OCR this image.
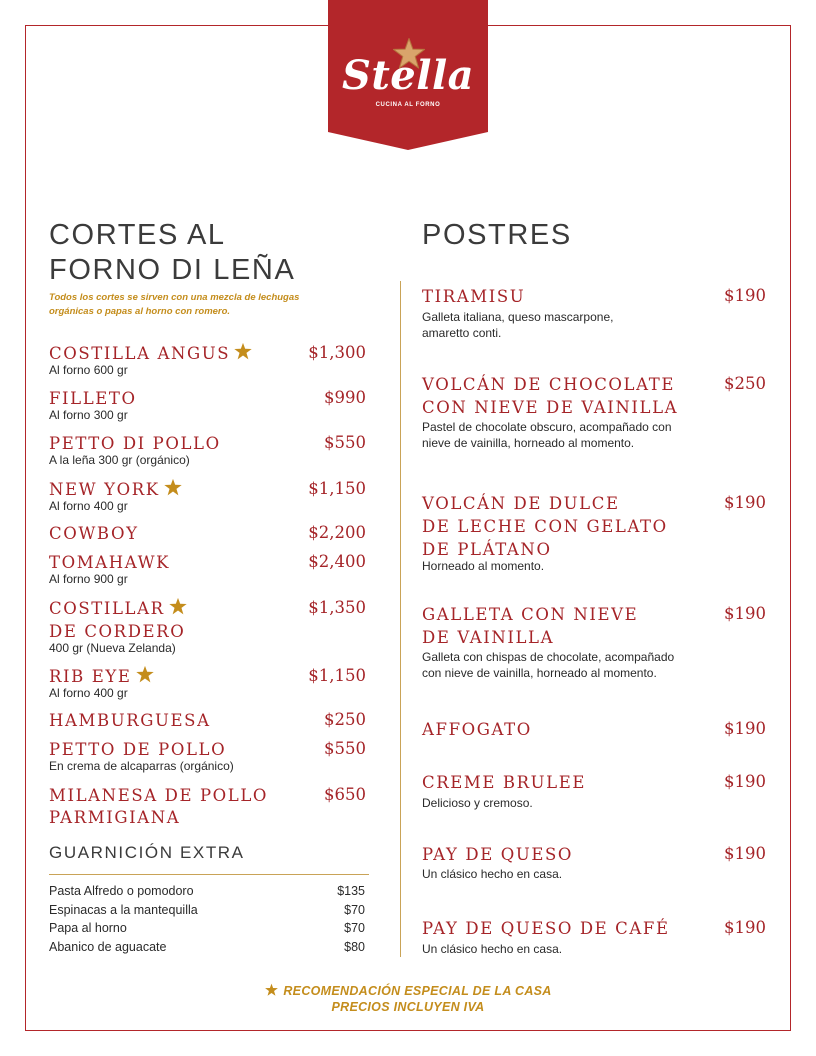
Stella
CUCINA AL FORNO
CORTES AL
FORNO DI LEÑA
Todos los cortes se sirven con una mezcla de lechugas orgánicas o papas al horno con romero.
COSTILLA ANGUS	$1,300
Al forno 600 gr
FILLETO	$990
Al forno 300 gr
PETTO DI POLLO	$550
A la leña 300 gr (orgánico)
NEW YORK	$1,150
Al forno 400 gr
COWBOY	$2,200
TOMAHAWK	$2,400
Al forno 900 gr
COSTILLAR
DE CORDERO
$1,350
400 gr (Nueva Zelanda)
RIB EYE	$1,150
Al forno 400 gr
HAMBURGUESA	$250
PETTO DE POLLO	$550
En crema de alcaparras (orgánico)
MILANESA DE POLLO
PARMIGIANA
$650
GUARNICIÓN EXTRA
Pasta Alfredo o pomodoro	$135
Espinacas a la mantequilla	$70
Papa al horno	$70
Abanico de aguacate	$80
POSTRES
TIRAMISU	$190
Galleta italiana, queso mascarpone,
amaretto conti.
VOLCÁN DE CHOCOLATE
CON NIEVE DE VAINILLA
$250
Pastel de chocolate obscuro, acompañado con
nieve de vainilla, horneado al momento.
VOLCÁN DE DULCE
DE LECHE CON GELATO
DE PLÁTANO
$190
Horneado al momento.
GALLETA CON NIEVE
DE VAINILLA
$190
Galleta con chispas de chocolate, acompañado
con nieve de vainilla, horneado al momento.
AFFOGATO	$190
CREME BRULEE	$190
Delicioso y cremoso.
PAY DE QUESO	$190
Un clásico hecho en casa.
PAY DE QUESO DE CAFÉ	$190
Un clásico hecho en casa.
RECOMENDACIÓN ESPECIAL DE LA CASA
PRECIOS INCLUYEN IVA
